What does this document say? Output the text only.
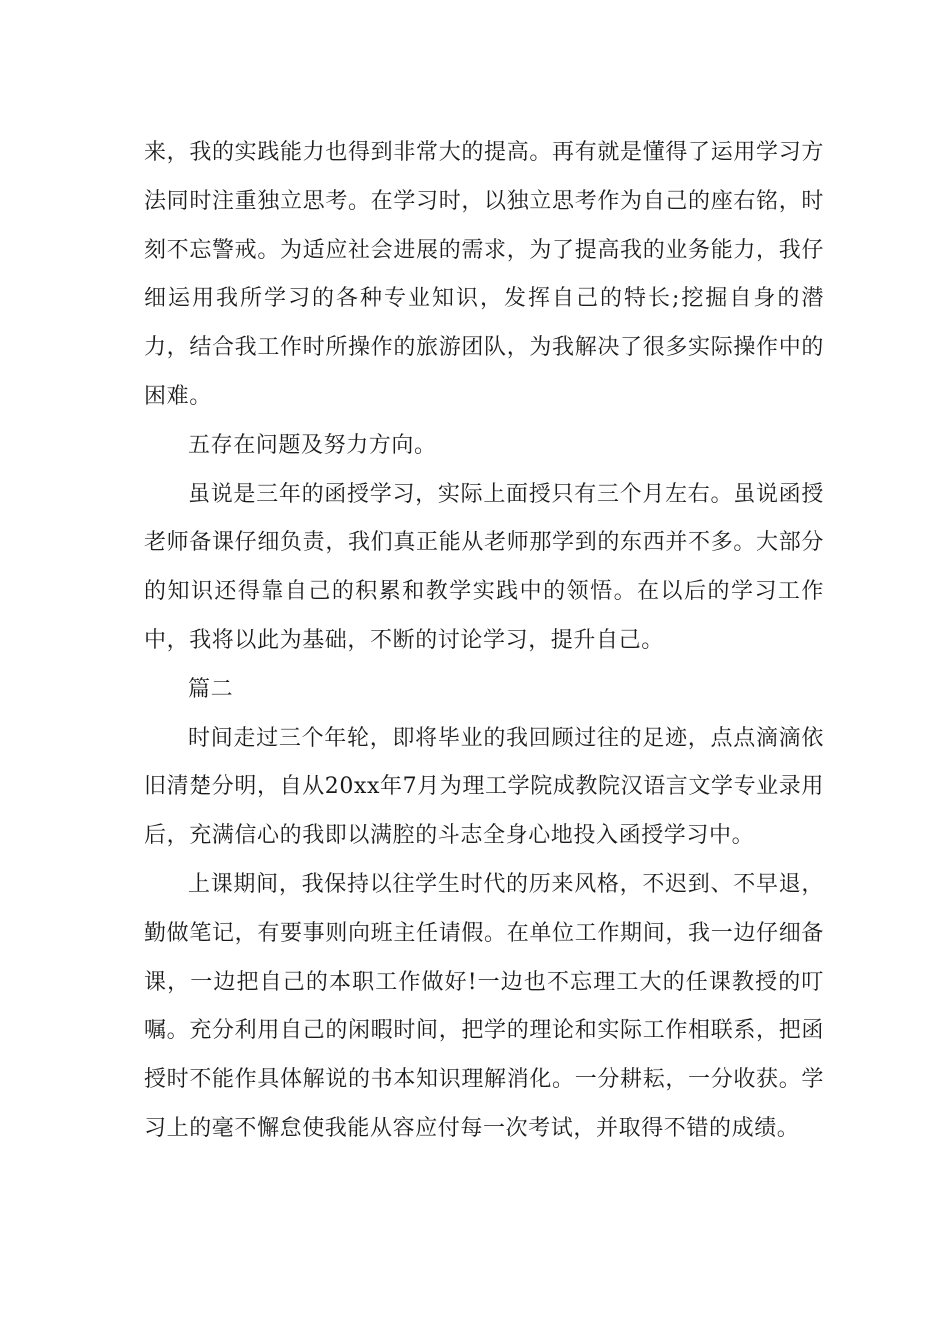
来，我的实践能力也得到非常大的提高。再有就是懂得了运用学习方法同时注重独立思考。在学习时，以独立思考作为自己的座右铭，时刻不忘警戒。为适应社会进展的需求，为了提高我的业务能力，我仔细运用我所学习的各种专业知识，发挥自己的特长;挖掘自身的潜力，结合我工作时所操作的旅游团队，为我解决了很多实际操作中的困难。

五存在问题及努力方向。

虽说是三年的函授学习，实际上面授只有三个月左右。虽说函授老师备课仔细负责，我们真正能从老师那学到的东西并不多。大部分的知识还得靠自己的积累和教学实践中的领悟。在以后的学习工作中，我将以此为基础，不断的讨论学习，提升自己。

篇二

时间走过三个年轮，即将毕业的我回顾过往的足迹，点点滴滴依旧清楚分明，自从20xx年7月为理工学院成教院汉语言文学专业录用后，充满信心的我即以满腔的斗志全身心地投入函授学习中。

上课期间，我保持以往学生时代的历来风格，不迟到、不早退，勤做笔记，有要事则向班主任请假。在单位工作期间，我一边仔细备课，一边把自己的本职工作做好!一边也不忘理工大的任课教授的叮嘱。充分利用自己的闲暇时间，把学的理论和实际工作相联系，把函授时不能作具体解说的书本知识理解消化。一分耕耘，一分收获。学习上的毫不懈怠使我能从容应付每一次考试，并取得不错的成绩。
